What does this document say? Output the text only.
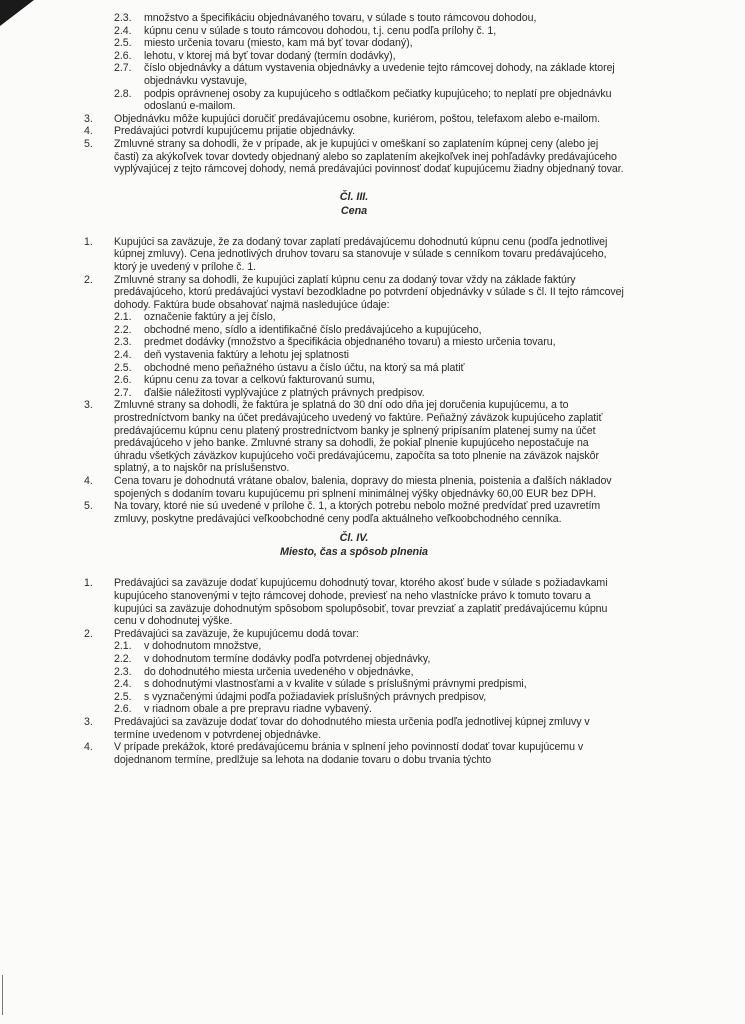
2.3. množstvo a špecifikáciu objednávaného tovaru, v súlade s touto rámcovou dohodou,
2.4. kúpnu cenu v súlade s touto rámcovou dohodou, t.j. cenu podľa prílohy č. 1,
2.5. miesto určenia tovaru (miesto, kam má byť tovar dodaný),
2.6. lehotu, v ktorej má byť tovar dodaný (termín dodávky),
2.7. číslo objednávky a dátum vystavenia objednávky a uvedenie tejto rámcovej dohody, na základe ktorej objednávku vystavuje,
2.8. podpis oprávnenej osoby za kupujúceho s odtlačkom pečiatky kupujúceho; to neplatí pre objednávku odoslanú e-mailom.
3. Objednávku môže kupujúci doručiť predávajúcemu osobne, kuriérom, poštou, telefaxom alebo e-mailom.
4. Predávajúci potvrdí kupujúcemu prijatie objednávky.
5. Zmluvné strany sa dohodli, že v prípade, ak je kupujúci v omeškaní so zaplatením kúpnej ceny (alebo jej časti) za akýkoľvek tovar dovtedy objednaný alebo so zaplatením akejkoľvek inej pohľadávky predávajúceho vyplývajúcej z tejto rámcovej dohody, nemá predávajúci povinnosť dodať kupujúcemu žiadny objednaný tovar.
Čl. III.
Cena
1. Kupujúci sa zaväzuje, že za dodaný tovar zaplatí predávajúcemu dohodnutú kúpnu cenu (podľa jednotlivej kúpnej zmluvy). Cena jednotlivých druhov tovaru sa stanovuje v súlade s cenníkom tovaru predávajúceho, ktorý je uvedený v prílohe č. 1.
2. Zmluvné strany sa dohodli, že kupujúci zaplatí kúpnu cenu za dodaný tovar vždy na základe faktúry predávajúceho, ktorú predávajúci vystaví bezodkladne po potvrdení objednávky v súlade s čl. II tejto rámcovej dohody. Faktúra bude obsahovať najmä nasledujúce údaje:
2.1. označenie faktúry a jej číslo,
2.2. obchodné meno, sídlo a identifikačné číslo predávajúceho a kupujúceho,
2.3. predmet dodávky (množstvo a špecifikácia objednaného tovaru) a miesto určenia tovaru,
2.4. deň vystavenia faktúry a lehotu jej splatnosti
2.5. obchodné meno peňažného ústavu a číslo účtu, na ktorý sa má platiť
2.6. kúpnu cenu za tovar a celkovú fakturovanú sumu,
2.7. ďalšie náležitosti vyplývajúce z platných právnych predpisov.
3. Zmluvné strany sa dohodli, že faktúra je splatná do 30 dní odo dňa jej doručenia kupujúcemu, a to prostredníctvom banky na účet predávajúceho uvedený vo faktúre. Peňažný záväzok kupujúceho zaplatiť predávajúcemu kúpnu cenu platený prostredníctvom banky je splnený pripísaním platenej sumy na účet predávajúceho v jeho banke. Zmluvné strany sa dohodli, že pokiaľ plnenie kupujúceho nepostačuje na úhradu všetkých záväzkov kupujúceho voči predávajúcemu, započíta sa toto plnenie na záväzok najskôr splatný, a to najskôr na príslušenstvo.
4. Cena tovaru je dohodnutá vrátane obalov, balenia, dopravy do miesta plnenia, poistenia a ďalších nákladov spojených s dodaním tovaru kupujúcemu pri splnení minimálnej výšky objednávky 60,00 EUR bez DPH.
5. Na tovary, ktoré nie sú uvedené v prílohe č. 1, a ktorých potrebu nebolo možné predvídať pred uzavretím zmluvy, poskytne predávajúci veľkoobchodné ceny podľa aktuálneho veľkoobchodného cenníka.
Čl. IV.
Miesto, čas a spôsob plnenia
1. Predávajúci sa zaväzuje dodať kupujúcemu dohodnutý tovar, ktorého akosť bude v súlade s požiadavkami kupujúceho stanovenými v tejto rámcovej dohode, previesť na neho vlastnícke právo k tomuto tovaru a kupujúci sa zaväzuje dohodnutým spôsobom spolupôsobiť, tovar prevziať a zaplatiť predávajúcemu kúpnu cenu v dohodnutej výške.
2. Predávajúci sa zaväzuje, že kupujúcemu dodá tovar:
2.1. v dohodnutom množstve,
2.2. v dohodnutom termíne dodávky podľa potvrdenej objednávky,
2.3. do dohodnutého miesta určenia uvedeného v objednávke,
2.4. s dohodnutými vlastnosťami a v kvalite v súlade s príslušnými právnymi predpismi,
2.5. s vyznačenými údajmi podľa požiadaviek príslušných právnych predpisov,
2.6. v riadnom obale a pre prepravu riadne vybavený.
3. Predávajúci sa zaväzuje dodať tovar do dohodnutého miesta určenia podľa jednotlivej kúpnej zmluvy v termíne uvedenom v potvrdenej objednávke.
4. V prípade prekážok, ktoré predávajúcemu bránia v splnení jeho povinností dodať tovar kupujúcemu v dojednanom termíne, predlžuje sa lehota na dodanie tovaru o dobu trvania týchto
